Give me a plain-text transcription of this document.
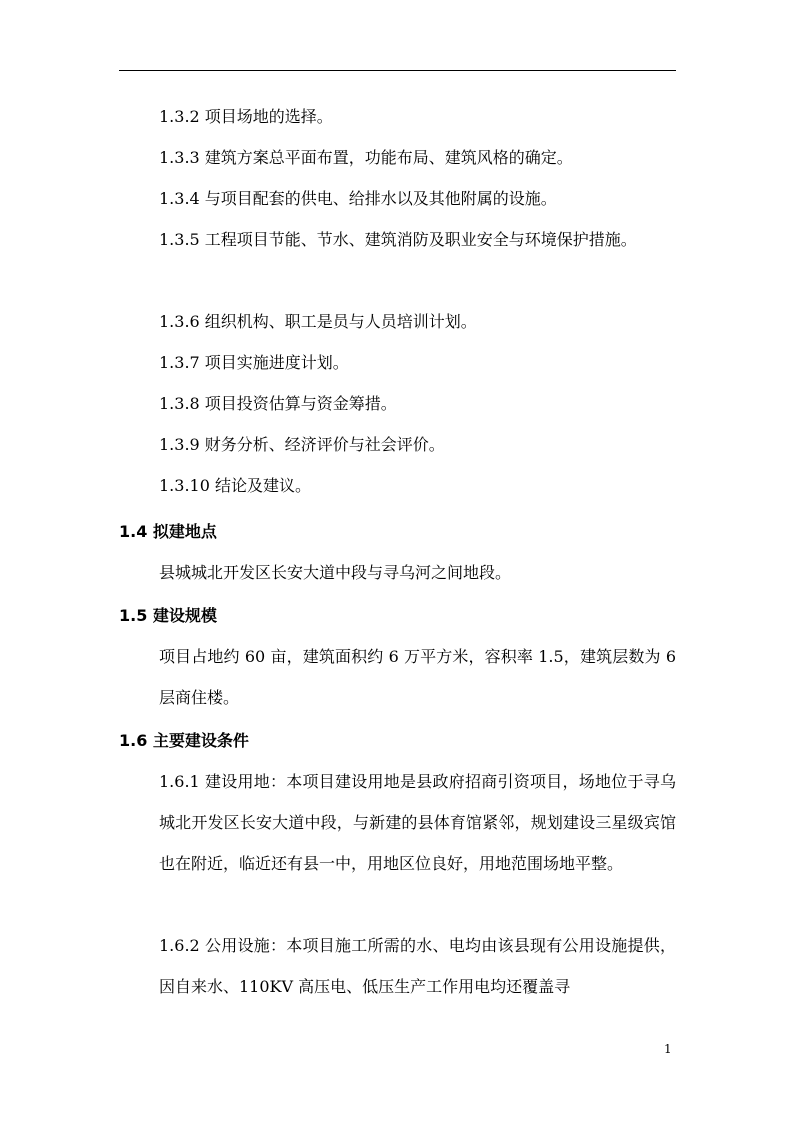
1.3.2 项目场地的选择。

1.3.3 建筑方案总平面布置，功能布局、建筑风格的确定。

1.3.4 与项目配套的供电、给排水以及其他附属的设施。

1.3.5 工程项目节能、节水、建筑消防及职业安全与环境保护措施。

1.3.6 组织机构、职工是员与人员培训计划。

1.3.7 项目实施进度计划。

1.3.8 项目投资估算与资金筹措。

1.3.9 财务分析、经济评价与社会评价。

1.3.10 结论及建议。

1.4 拟建地点

县城城北开发区长安大道中段与寻乌河之间地段。

1.5 建设规模

项目占地约 60 亩，建筑面积约 6 万平方米，容积率 1.5，建筑层数为 6 层商住楼。

1.6 主要建设条件

1.6.1 建设用地：本项目建设用地是县政府招商引资项目，场地位于寻乌城北开发区长安大道中段，与新建的县体育馆紧邻，规划建设三星级宾馆也在附近，临近还有县一中，用地区位良好，用地范围场地平整。

1.6.2 公用设施：本项目施工所需的水、电均由该县现有公用设施提供，因自来水、110KV 高压电、低压生产工作用电均还覆盖寻

1
